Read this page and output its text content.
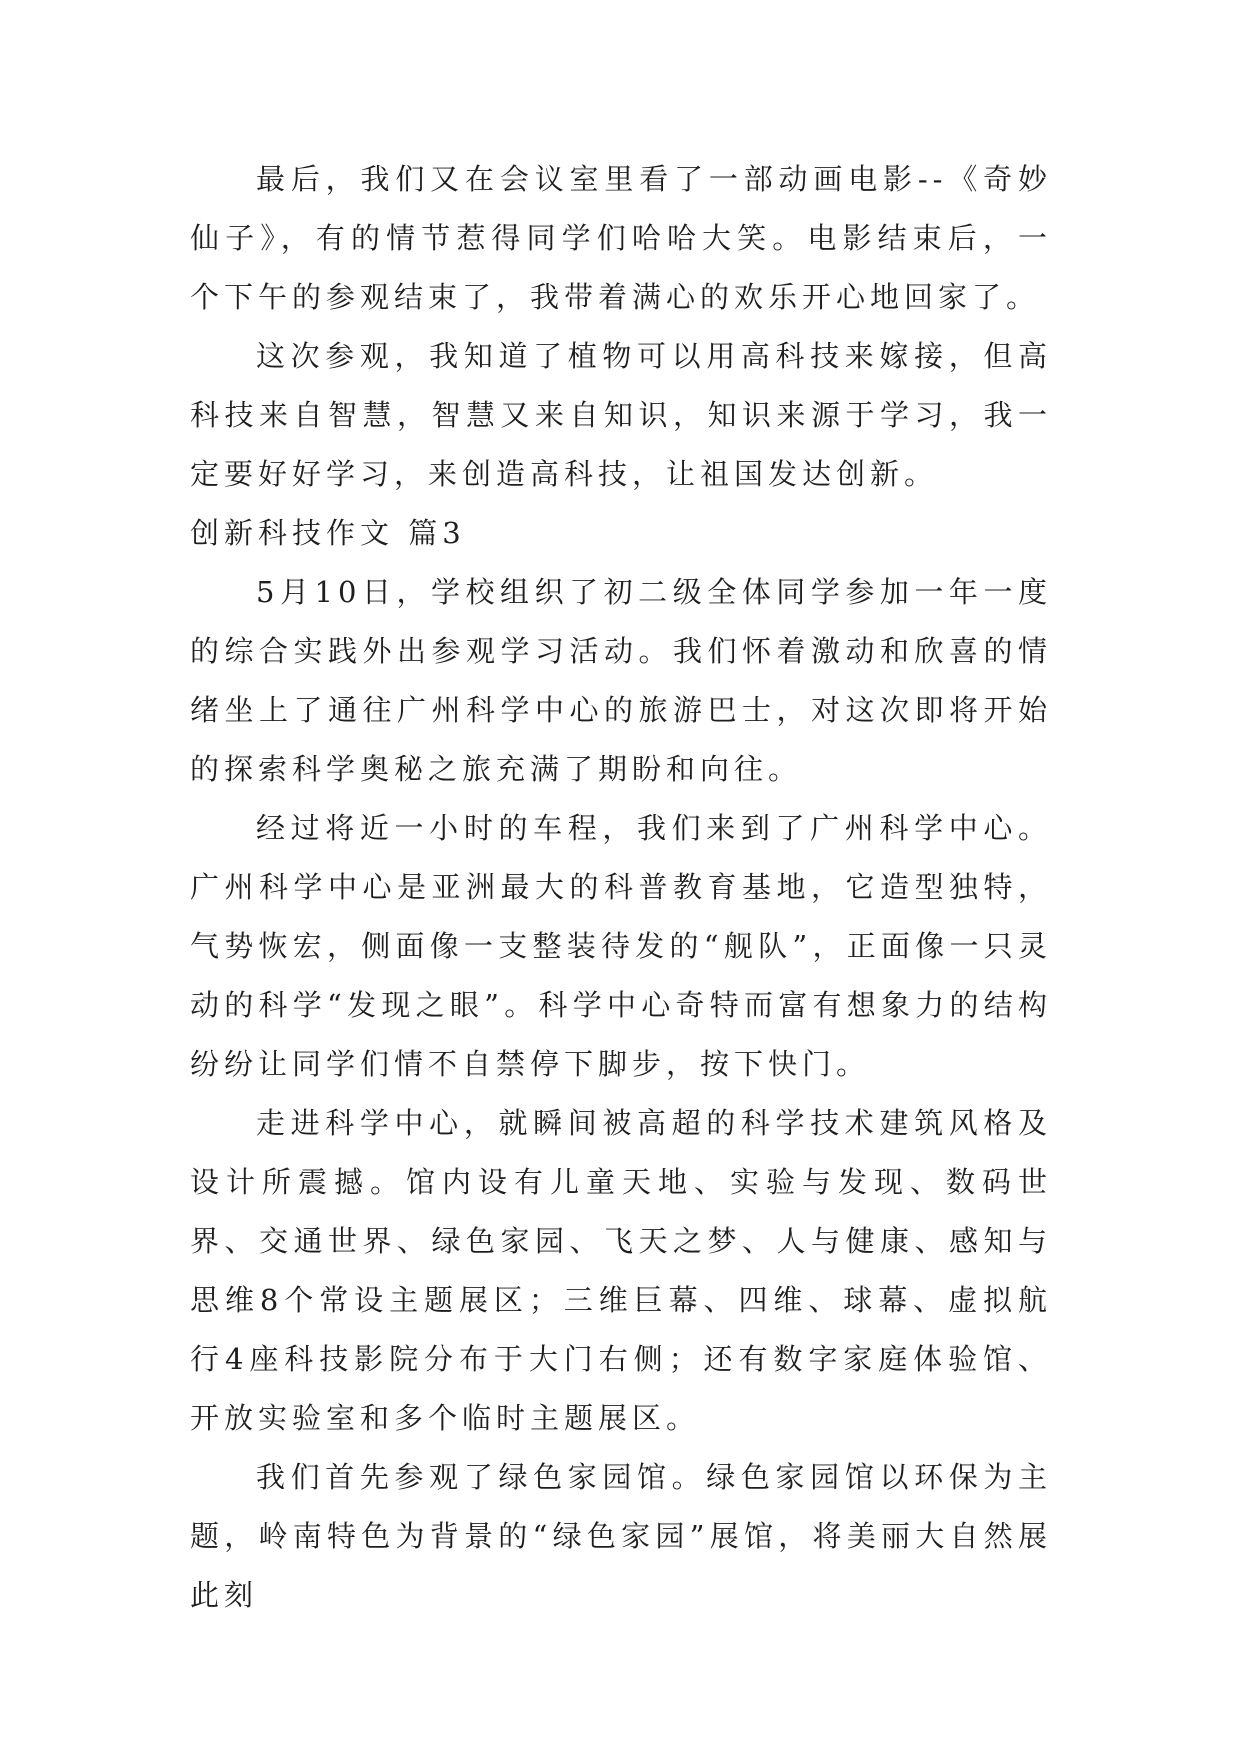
最后，我们又在会议室里看了一部动画电影--《奇妙仙子》，有的情节惹得同学们哈哈大笑。电影结束后，一个下午的参观结束了，我带着满心的欢乐开心地回家了。

这次参观，我知道了植物可以用高科技来嫁接，但高科技来自智慧，智慧又来自知识，知识来源于学习，我一定要好好学习，来创造高科技，让祖国发达创新。

创新科技作文 篇3

5月10日，学校组织了初二级全体同学参加一年一度的综合实践外出参观学习活动。我们怀着激动和欣喜的情绪坐上了通往广州科学中心的旅游巴士，对这次即将开始的探索科学奥秘之旅充满了期盼和向往。

经过将近一小时的车程，我们来到了广州科学中心。广州科学中心是亚洲最大的科普教育基地，它造型独特，气势恢宏，侧面像一支整装待发的“舰队”，正面像一只灵动的科学“发现之眼”。科学中心奇特而富有想象力的结构纷纷让同学们情不自禁停下脚步，按下快门。

走进科学中心，就瞬间被高超的科学技术建筑风格及设计所震撼。馆内设有儿童天地、实验与发现、数码世界、交通世界、绿色家园、飞天之梦、人与健康、感知与思维8个常设主题展区；三维巨幕、四维、球幕、虚拟航行4座科技影院分布于大门右侧；还有数字家庭体验馆、开放实验室和多个临时主题展区。

我们首先参观了绿色家园馆。绿色家园馆以环保为主题，岭南特色为背景的“绿色家园”展馆，将美丽大自然展此刻
